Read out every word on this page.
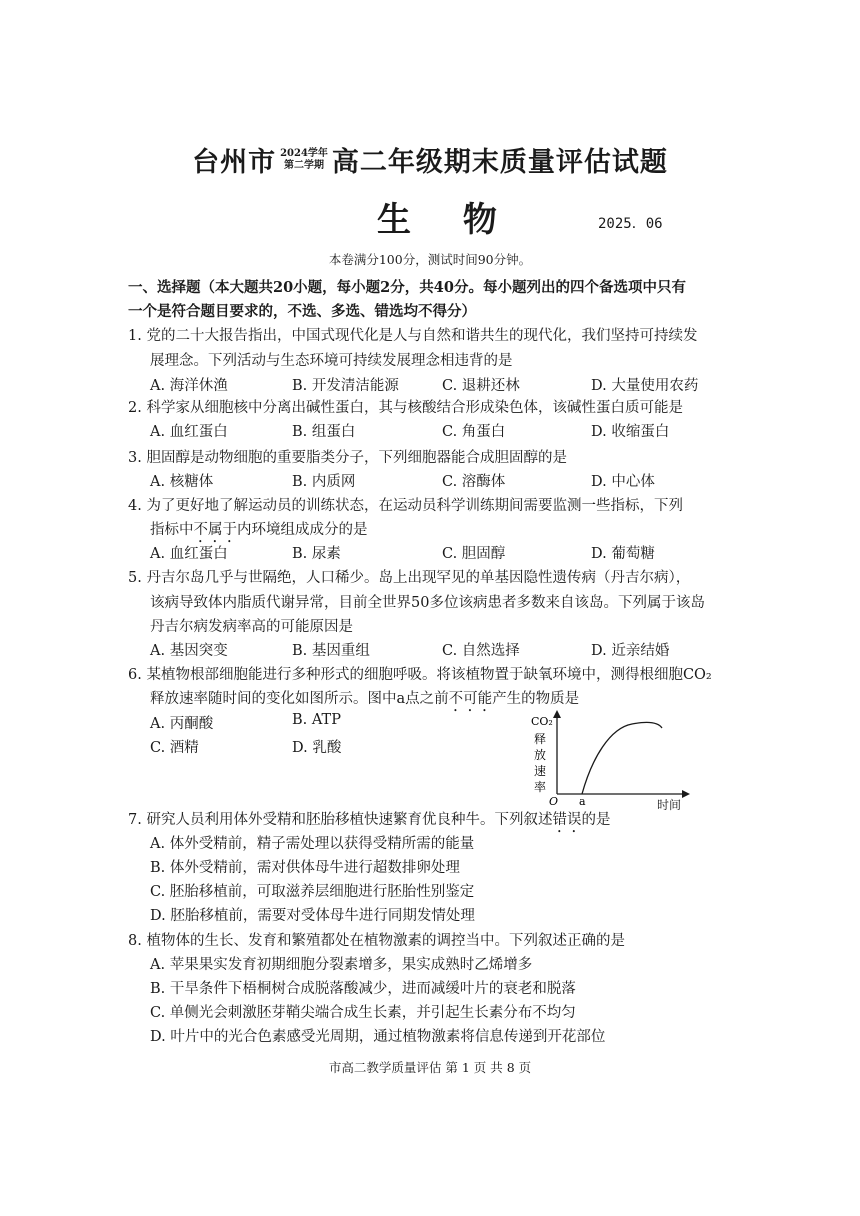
台州市 2024学年
第二学期 高二年级期末质量评估试题
生 物	2025．06
本卷满分100分，测试时间90分钟。
一、选择题（本大题共20小题，每小题2分，共40分。每小题列出的四个备选项中只有
一个是符合题目要求的，不选、多选、错选均不得分）
1. 党的二十大报告指出，中国式现代化是人与自然和谐共生的现代化，我们坚持可持续发
展理念。下列活动与生态环境可持续发展理念相违背的是
A. 海洋休渔	B. 开发清洁能源	C. 退耕还林	D. 大量使用农药
2. 科学家从细胞核中分离出碱性蛋白，其与核酸结合形成染色体，该碱性蛋白质可能是
A. 血红蛋白	B. 组蛋白	C. 角蛋白	D. 收缩蛋白
3. 胆固醇是动物细胞的重要脂类分子，下列细胞器能合成胆固醇的是
A. 核糖体	B. 内质网	C. 溶酶体	D. 中心体
4. 为了更好地了解运动员的训练状态，在运动员科学训练期间需要监测一些指标，下列
指标中不属于内环境组成成分的是
A. 血红蛋白	B. 尿素	C. 胆固醇	D. 葡萄糖
5. 丹吉尔岛几乎与世隔绝，人口稀少。岛上出现罕见的单基因隐性遗传病（丹吉尔病），
该病导致体内脂质代谢异常，目前全世界50多位该病患者多数来自该岛。下列属于该岛
丹吉尔病发病率高的可能原因是
A. 基因突变	B. 基因重组	C. 自然选择	D. 近亲结婚
6. 某植物根部细胞能进行多种形式的细胞呼吸。将该植物置于缺氧环境中，测得根细胞CO₂
释放速率随时间的变化如图所示。图中a点之前不可能产生的物质是
A. 丙酮酸	B. ATP
C. 酒精	D. 乳酸
CO₂
释
放
速
率
O a	时间
7. 研究人员利用体外受精和胚胎移植快速繁育优良种牛。下列叙述错误的是
A. 体外受精前，精子需处理以获得受精所需的能量
B. 体外受精前，需对供体母牛进行超数排卵处理
C. 胚胎移植前，可取滋养层细胞进行胚胎性别鉴定
D. 胚胎移植前，需要对受体母牛进行同期发情处理
8. 植物体的生长、发育和繁殖都处在植物激素的调控当中。下列叙述正确的是
A. 苹果果实发育初期细胞分裂素增多，果实成熟时乙烯增多
B. 干旱条件下梧桐树合成脱落酸减少，进而减缓叶片的衰老和脱落
C. 单侧光会刺激胚芽鞘尖端合成生长素，并引起生长素分布不均匀
D. 叶片中的光合色素感受光周期，通过植物激素将信息传递到开花部位
市高二教学质量评估 第 1 页 共 8 页
